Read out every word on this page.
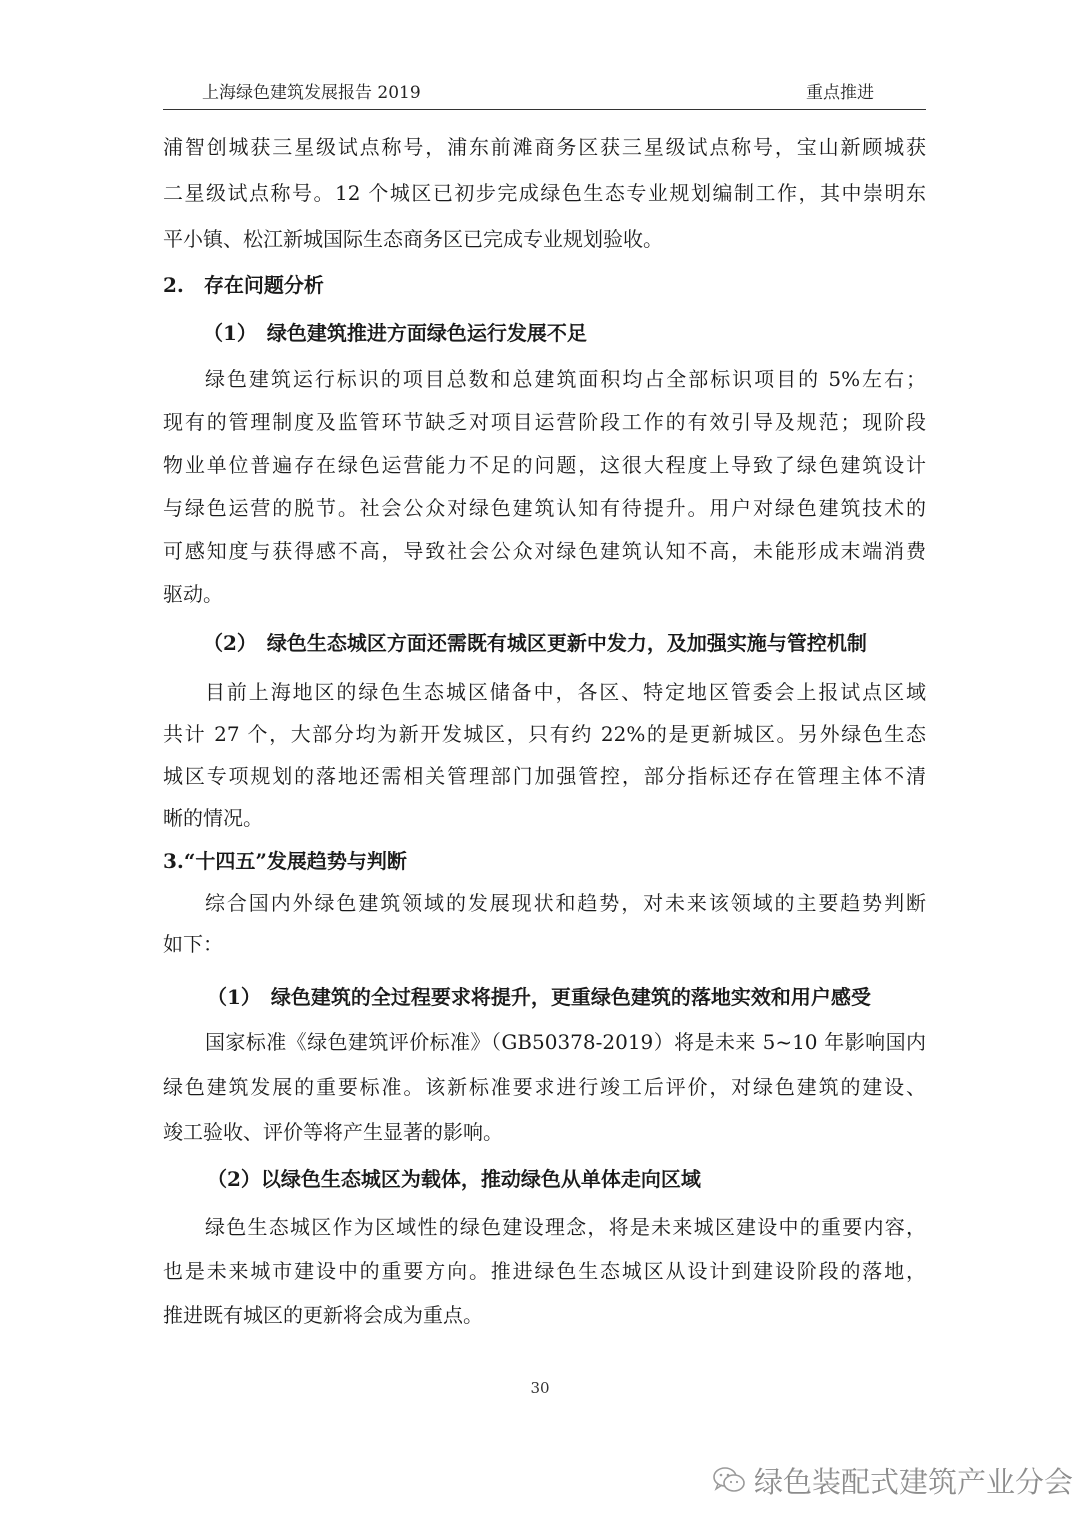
上海绿色建筑发展报告 2019	重点推进
浦智创城获三星级试点称号，浦东前滩商务区获三星级试点称号，宝山新顾城获
二星级试点称号。12 个城区已初步完成绿色生态专业规划编制工作，其中崇明东
平小镇、松江新城国际生态商务区已完成专业规划验收。
2.　存在问题分析
（1）　绿色建筑推进方面绿色运行发展不足
绿色建筑运行标识的项目总数和总建筑面积均占全部标识项目的 5%左右；
现有的管理制度及监管环节缺乏对项目运营阶段工作的有效引导及规范；现阶段
物业单位普遍存在绿色运营能力不足的问题，这很大程度上导致了绿色建筑设计
与绿色运营的脱节。社会公众对绿色建筑认知有待提升。用户对绿色建筑技术的
可感知度与获得感不高，导致社会公众对绿色建筑认知不高，未能形成末端消费
驱动。
（2）　绿色生态城区方面还需既有城区更新中发力，及加强实施与管控机制
目前上海地区的绿色生态城区储备中，各区、特定地区管委会上报试点区域
共计 27 个，大部分均为新开发城区，只有约 22%的是更新城区。另外绿色生态
城区专项规划的落地还需相关管理部门加强管控，部分指标还存在管理主体不清
晰的情况。
3.“十四五”发展趋势与判断
综合国内外绿色建筑领域的发展现状和趋势，对未来该领域的主要趋势判断
如下：
（1）　绿色建筑的全过程要求将提升，更重绿色建筑的落地实效和用户感受
国家标准《绿色建筑评价标准》（GB50378-2019）将是未来 5~10 年影响国内
绿色建筑发展的重要标准。该新标准要求进行竣工后评价，对绿色建筑的建设、
竣工验收、评价等将产生显著的影响。
（2）以绿色生态城区为载体，推动绿色从单体走向区域
绿色生态城区作为区域性的绿色建设理念，将是未来城区建设中的重要内容，
也是未来城市建设中的重要方向。推进绿色生态城区从设计到建设阶段的落地，
推进既有城区的更新将会成为重点。
30
绿色装配式建筑产业分会
